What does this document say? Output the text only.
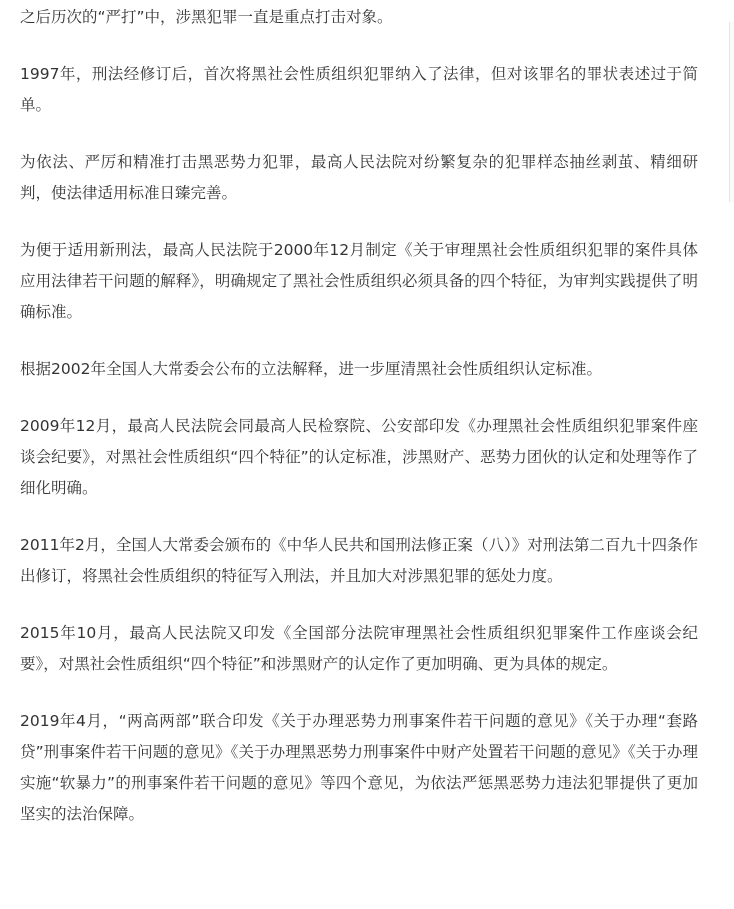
之后历次的“严打”中，涉黑犯罪一直是重点打击对象。

1997年，刑法经修订后，首次将黑社会性质组织犯罪纳入了法律，但对该罪名的罪状表述过于简单。

为依法、严厉和精准打击黑恶势力犯罪，最高人民法院对纷繁复杂的犯罪样态抽丝剥茧、精细研判，使法律适用标准日臻完善。

为便于适用新刑法，最高人民法院于2000年12月制定《关于审理黑社会性质组织犯罪的案件具体应用法律若干问题的解释》，明确规定了黑社会性质组织必须具备的四个特征，为审判实践提供了明确标准。

根据2002年全国人大常委会公布的立法解释，进一步厘清黑社会性质组织认定标准。

2009年12月，最高人民法院会同最高人民检察院、公安部印发《办理黑社会性质组织犯罪案件座谈会纪要》，对黑社会性质组织“四个特征”的认定标准，涉黑财产、恶势力团伙的认定和处理等作了细化明确。

2011年2月，全国人大常委会颁布的《中华人民共和国刑法修正案（八）》对刑法第二百九十四条作出修订，将黑社会性质组织的特征写入刑法，并且加大对涉黑犯罪的惩处力度。

2015年10月，最高人民法院又印发《全国部分法院审理黑社会性质组织犯罪案件工作座谈会纪要》，对黑社会性质组织“四个特征”和涉黑财产的认定作了更加明确、更为具体的规定。

2019年4月，“两高两部”联合印发《关于办理恶势力刑事案件若干问题的意见》《关于办理“套路贷”刑事案件若干问题的意见》《关于办理黑恶势力刑事案件中财产处置若干问题的意见》《关于办理实施“软暴力”的刑事案件若干问题的意见》等四个意见，为依法严惩黑恶势力违法犯罪提供了更加坚实的法治保障。
